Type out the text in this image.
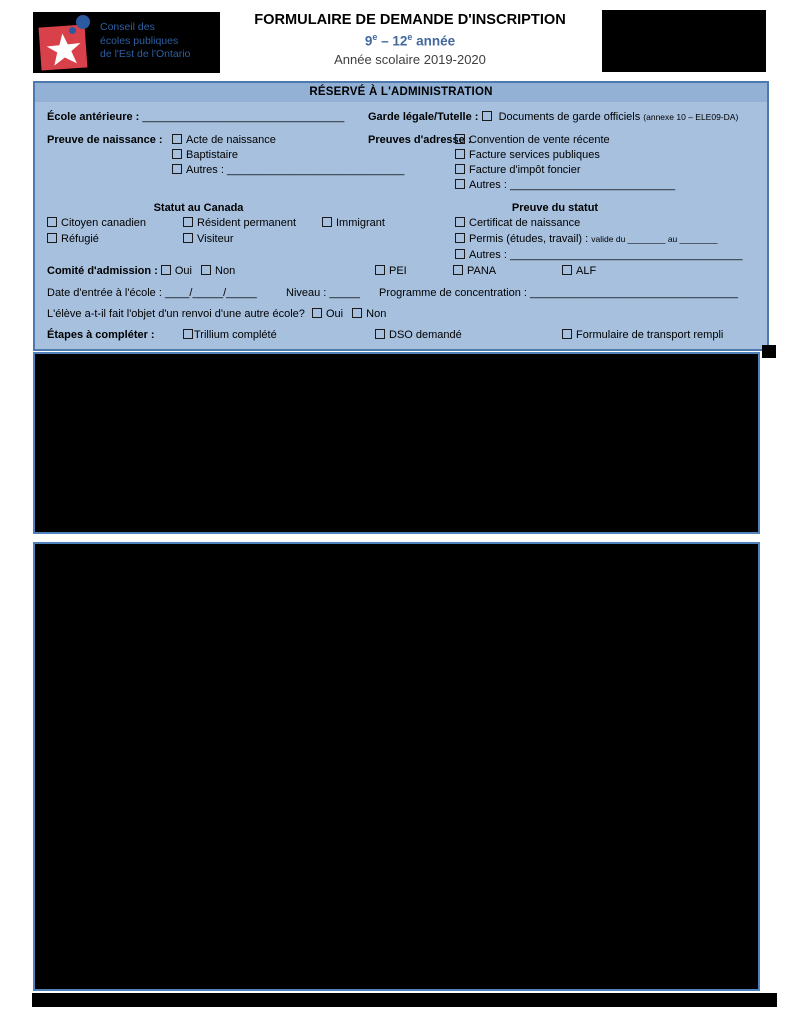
Conseil des
écoles publiques
de l'Est de l'Ontario
FORMULAIRE DE DEMANDE D'INSCRIPTION
9e – 12e année
Année scolaire 2019-2020
RÉSERVÉ À L'ADMINISTRATION
École antérieure : _________________________________ Garde légale/Tutelle : Documents de garde officiels (annexe 10 – ELE09-DA)
Preuve de naissance :	Acte de naissance
Baptistaire
Autres : _____________________________
Preuves d'adresse :
Convention de vente récente
Facture services publiques
Facture d'impôt foncier
Autres : ___________________________
Statut au Canada	Preuve du statut
Citoyen canadien	Résident permanent	Immigrant
Réfugié	Visiteur
Certificat de naissance
Permis (études, travail) : valide du ________ au ________
Autres : ______________________________________
Comité d'admission : Oui Non	PEI	PANA	ALF
Date d'entrée à l'école : ____/_____/_____	Niveau : _____ Programme de concentration : __________________________________
L'élève a-t-il fait l'objet d'un renvoi d'une autre école? Oui Non
Étapes à compléter :	Trillium complété	DSO demandé	Formulaire de transport rempli
